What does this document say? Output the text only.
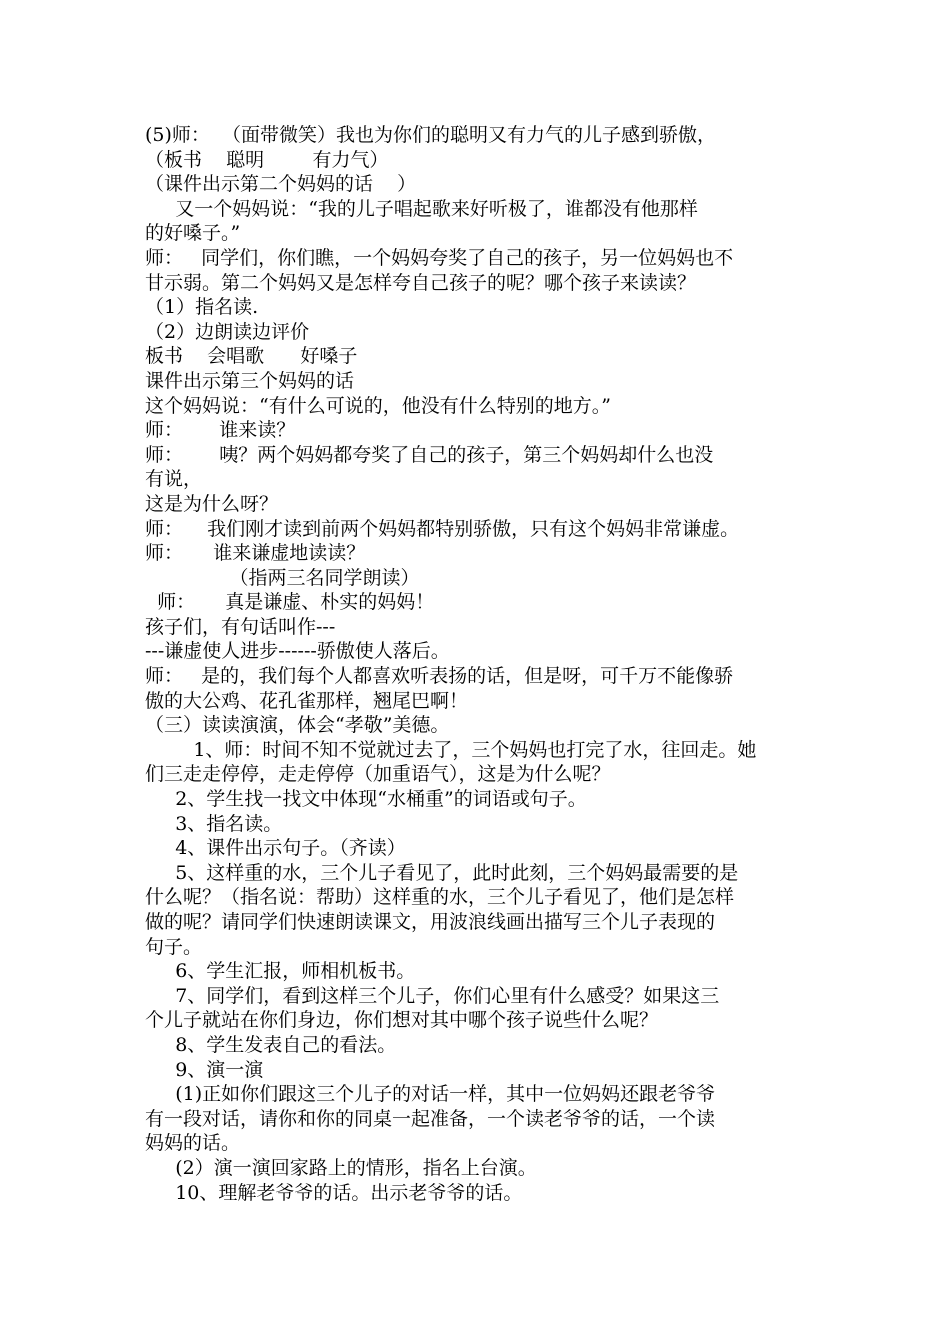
(5)师：  （面带微笑）我也为你们的聪明又有力气的儿子感到骄傲，
（板书    聪明        有力气）
（课件出示第二个妈妈的话    ）
又一个妈妈说：“我的儿子唱起歌来好听极了，谁都没有他那样
的好嗓子。”
师：   同学们，你们瞧，一个妈妈夸奖了自己的孩子，另一位妈妈也不
甘示弱。第二个妈妈又是怎样夸自己孩子的呢？哪个孩子来读读？
（1）指名读.
（2）边朗读边评价
板书    会唱歌      好嗓子
课件出示第三个妈妈的话
这个妈妈说：“有什么可说的，他没有什么特别的地方。”
师：      谁来读？
师：      咦？两个妈妈都夸奖了自己的孩子，第三个妈妈却什么也没
有说，
这是为什么呀？
师：    我们刚才读到前两个妈妈都特别骄傲，只有这个妈妈非常谦虚。
师：     谁来谦虚地读读？
（指两三名同学朗读）
师：     真是谦虚、朴实的妈妈！
孩子们，有句话叫作---
---谦虚使人进步------骄傲使人落后。
师：   是的，我们每个人都喜欢听表扬的话，但是呀，可千万不能像骄
傲的大公鸡、花孔雀那样，翘尾巴啊！
（三）读读演演，体会“孝敬”美德。
1、师：时间不知不觉就过去了，三个妈妈也打完了水，往回走。她
们三走走停停，走走停停（加重语气），这是为什么呢？
2、学生找一找文中体现“水桶重”的词语或句子。
3、指名读。
4、课件出示句子。（齐读）
5、这样重的水，三个儿子看见了，此时此刻，三个妈妈最需要的是
什么呢？（指名说：帮助）这样重的水，三个儿子看见了，他们是怎样
做的呢？请同学们快速朗读课文，用波浪线画出描写三个儿子表现的
句子。
6、学生汇报，师相机板书。
7、同学们，看到这样三个儿子，你们心里有什么感受？如果这三
个儿子就站在你们身边，你们想对其中哪个孩子说些什么呢？
8、学生发表自己的看法。
9、演一演
(1)正如你们跟这三个儿子的对话一样，其中一位妈妈还跟老爷爷
有一段对话，请你和你的同桌一起准备，一个读老爷爷的话，一个读
妈妈的话。
(2）演一演回家路上的情形，指名上台演。
10、理解老爷爷的话。出示老爷爷的话。
